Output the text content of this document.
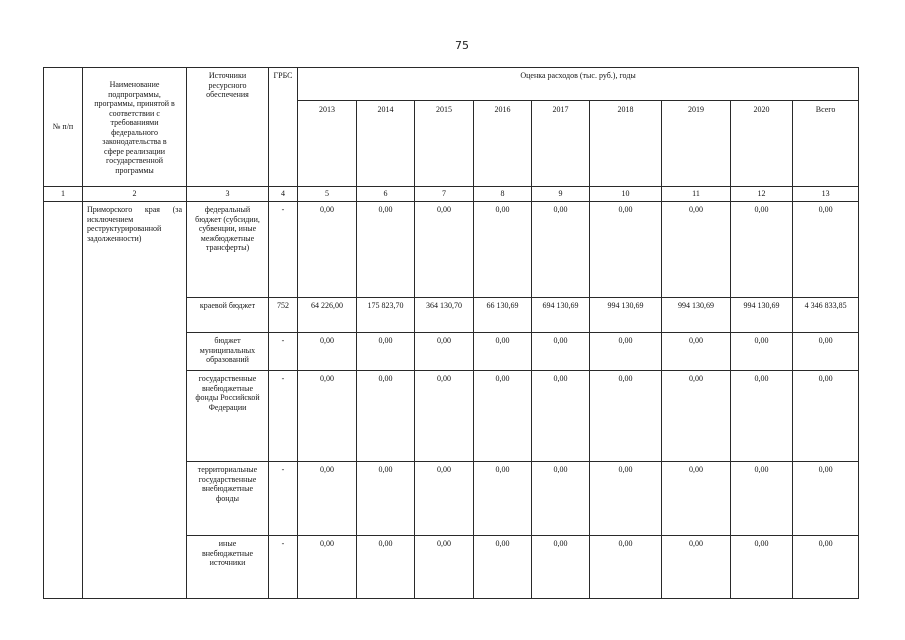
75
№ п/п	Наименование подпрограммы, программы, принятой в соответствии с требованиями федерального законодательства в сфере реализации государственной программы	Источники ресурсного обеспечения	ГРБС	Оценка расходов (тыс. руб.), годы								
				2013	2014	2015	2016	2017	2018	2019	2020	Всего
1	2	3	4	5	6	7	8	9	10	11	12	13
	Приморского края (за исключением реструктурированной задолженности)	федеральный бюджет (субсидии, субвенции, иные межбюджетные трансферты)	-	0,00	0,00	0,00	0,00	0,00	0,00	0,00	0,00	0,00
		краевой бюджет	752	64 226,00	175 823,70	364 130,70	66 130,69	694 130,69	994 130,69	994 130,69	994 130,69	4 346 833,85
		бюджет муниципальных образований	-	0,00	0,00	0,00	0,00	0,00	0,00	0,00	0,00	0,00
		государственные внебюджетные фонды Российской Федерации	-	0,00	0,00	0,00	0,00	0,00	0,00	0,00	0,00	0,00
		территориальные государственные внебюджетные фонды	-	0,00	0,00	0,00	0,00	0,00	0,00	0,00	0,00	0,00
		иные внебюджетные источники	-	0,00	0,00	0,00	0,00	0,00	0,00	0,00	0,00	0,00
